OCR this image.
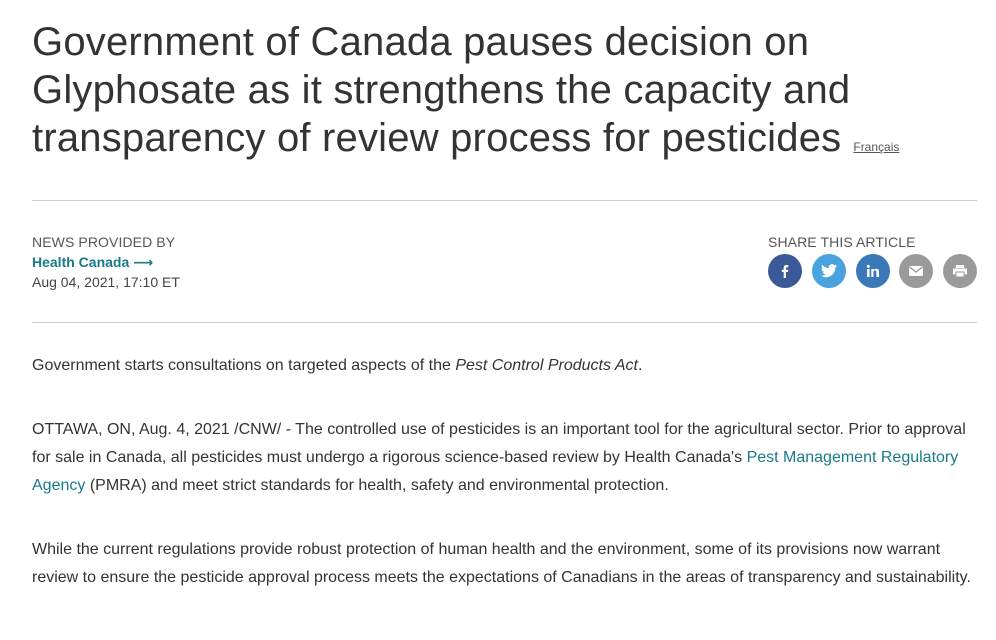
Government of Canada pauses decision on Glyphosate as it strengthens the capacity and transparency of review process for pesticides Français
NEWS PROVIDED BY
Health Canada ⟶
Aug 04, 2021, 17:10 ET
SHARE THIS ARTICLE

Government starts consultations on targeted aspects of the Pest Control Products Act.

OTTAWA, ON, Aug. 4, 2021 /CNW/ - The controlled use of pesticides is an important tool for the agricultural sector. Prior to approval for sale in Canada, all pesticides must undergo a rigorous science-based review by Health Canada's Pest Management Regulatory Agency (PMRA) and meet strict standards for health, safety and environmental protection.

While the current regulations provide robust protection of human health and the environment, some of its provisions now warrant review to ensure the pesticide approval process meets the expectations of Canadians in the areas of transparency and sustainability.
